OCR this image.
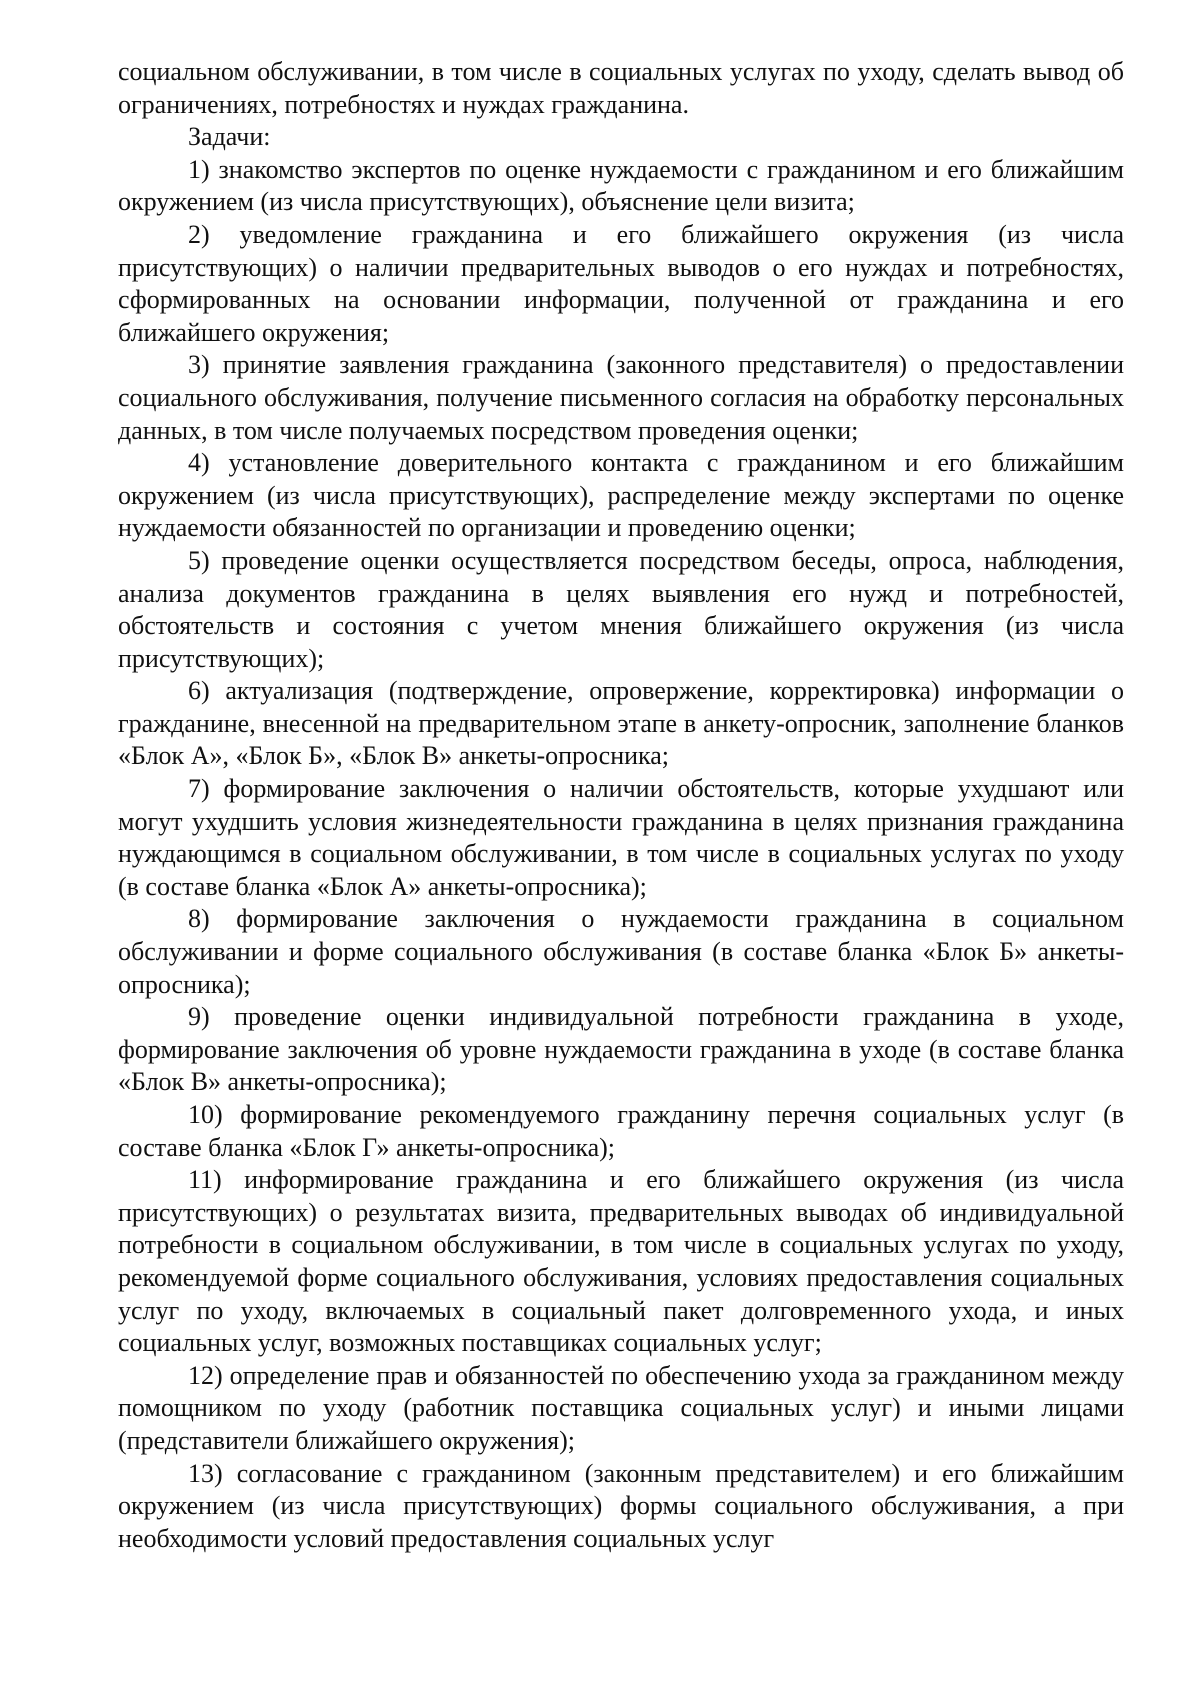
социальном обслуживании, в том числе в социальных услугах по уходу, сделать вывод об ограничениях, потребностях и нуждах гражданина.

Задачи:

1) знакомство экспертов по оценке нуждаемости с гражданином и его ближайшим окружением (из числа присутствующих), объяснение цели визита;

2) уведомление гражданина и его ближайшего окружения (из числа присутствующих) о наличии предварительных выводов о его нуждах и потребностях, сформированных на основании информации, полученной от гражданина и его ближайшего окружения;

3) принятие заявления гражданина (законного представителя) о предоставлении социального обслуживания, получение письменного согласия на обработку персональных данных, в том числе получаемых посредством проведения оценки;

4) установление доверительного контакта с гражданином и его ближайшим окружением (из числа присутствующих), распределение между экспертами по оценке нуждаемости обязанностей по организации и проведению оценки;

5) проведение оценки осуществляется посредством беседы, опроса, наблюдения, анализа документов гражданина в целях выявления его нужд и потребностей, обстоятельств и состояния с учетом мнения ближайшего окружения (из числа присутствующих);

6) актуализация (подтверждение, опровержение, корректировка) информации о гражданине, внесенной на предварительном этапе в анкету-опросник, заполнение бланков «Блок А», «Блок Б», «Блок В» анкеты-опросника;

7) формирование заключения о наличии обстоятельств, которые ухудшают или могут ухудшить условия жизнедеятельности гражданина в целях признания гражданина нуждающимся в социальном обслуживании, в том числе в социальных услугах по уходу (в составе бланка «Блок А» анкеты-опросника);

8) формирование заключения о нуждаемости гражданина в социальном обслуживании и форме социального обслуживания (в составе бланка «Блок Б» анкеты-опросника);

9) проведение оценки индивидуальной потребности гражданина в уходе, формирование заключения об уровне нуждаемости гражданина в уходе (в составе бланка «Блок В» анкеты-опросника);

10) формирование рекомендуемого гражданину перечня социальных услуг (в составе бланка «Блок Г» анкеты-опросника);

11) информирование гражданина и его ближайшего окружения (из числа присутствующих) о результатах визита, предварительных выводах об индивидуальной потребности в социальном обслуживании, в том числе в социальных услугах по уходу, рекомендуемой форме социального обслуживания, условиях предоставления социальных услуг по уходу, включаемых в социальный пакет долговременного ухода, и иных социальных услуг, возможных поставщиках социальных услуг;

12) определение прав и обязанностей по обеспечению ухода за гражданином между помощником по уходу (работник поставщика социальных услуг) и иными лицами (представители ближайшего окружения);

13) согласование с гражданином (законным представителем) и его ближайшим окружением (из числа присутствующих) формы социального обслуживания, а при необходимости условий предоставления социальных услуг
